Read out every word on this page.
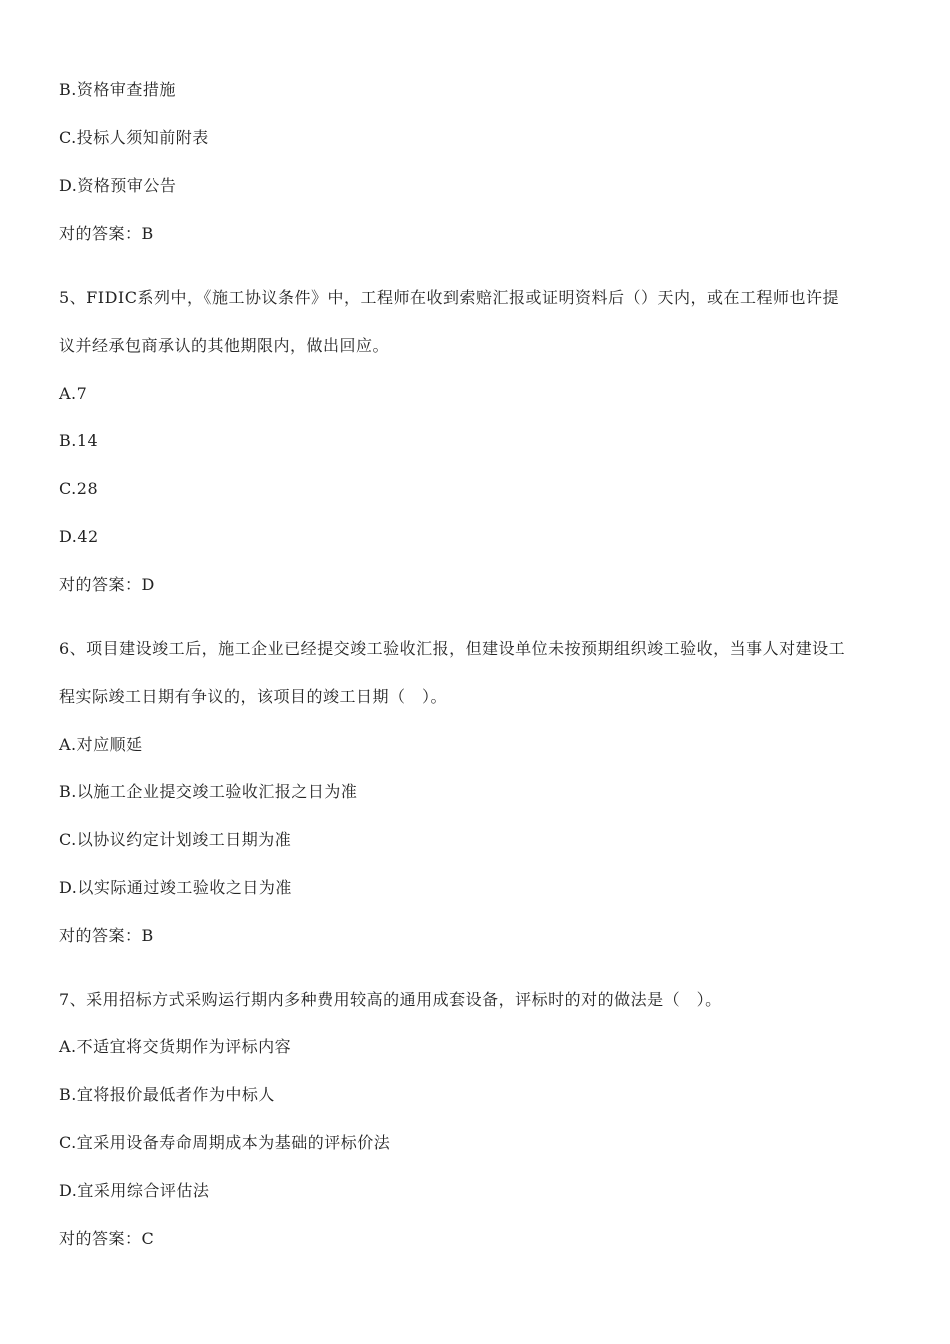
B.资格审查措施
C.投标人须知前附表
D.资格预审公告
对的答案：B
5、FIDIC系列中，《施工协议条件》中，工程师在收到索赔汇报或证明资料后（）天内，或在工程师也许提
议并经承包商承认的其他期限内，做出回应。
A.7
B.14
C.28
D.42
对的答案：D
6、项目建设竣工后，施工企业已经提交竣工验收汇报，但建设单位未按预期组织竣工验收，当事人对建设工
程实际竣工日期有争议的，该项目的竣工日期（　）。
A.对应顺延
B.以施工企业提交竣工验收汇报之日为准
C.以协议约定计划竣工日期为准
D.以实际通过竣工验收之日为准
对的答案：B
7、采用招标方式采购运行期内多种费用较高的通用成套设备，评标时的对的做法是（　）。
A.不适宜将交货期作为评标内容
B.宜将报价最低者作为中标人
C.宜采用设备寿命周期成本为基础的评标价法
D.宜采用综合评估法
对的答案：C
